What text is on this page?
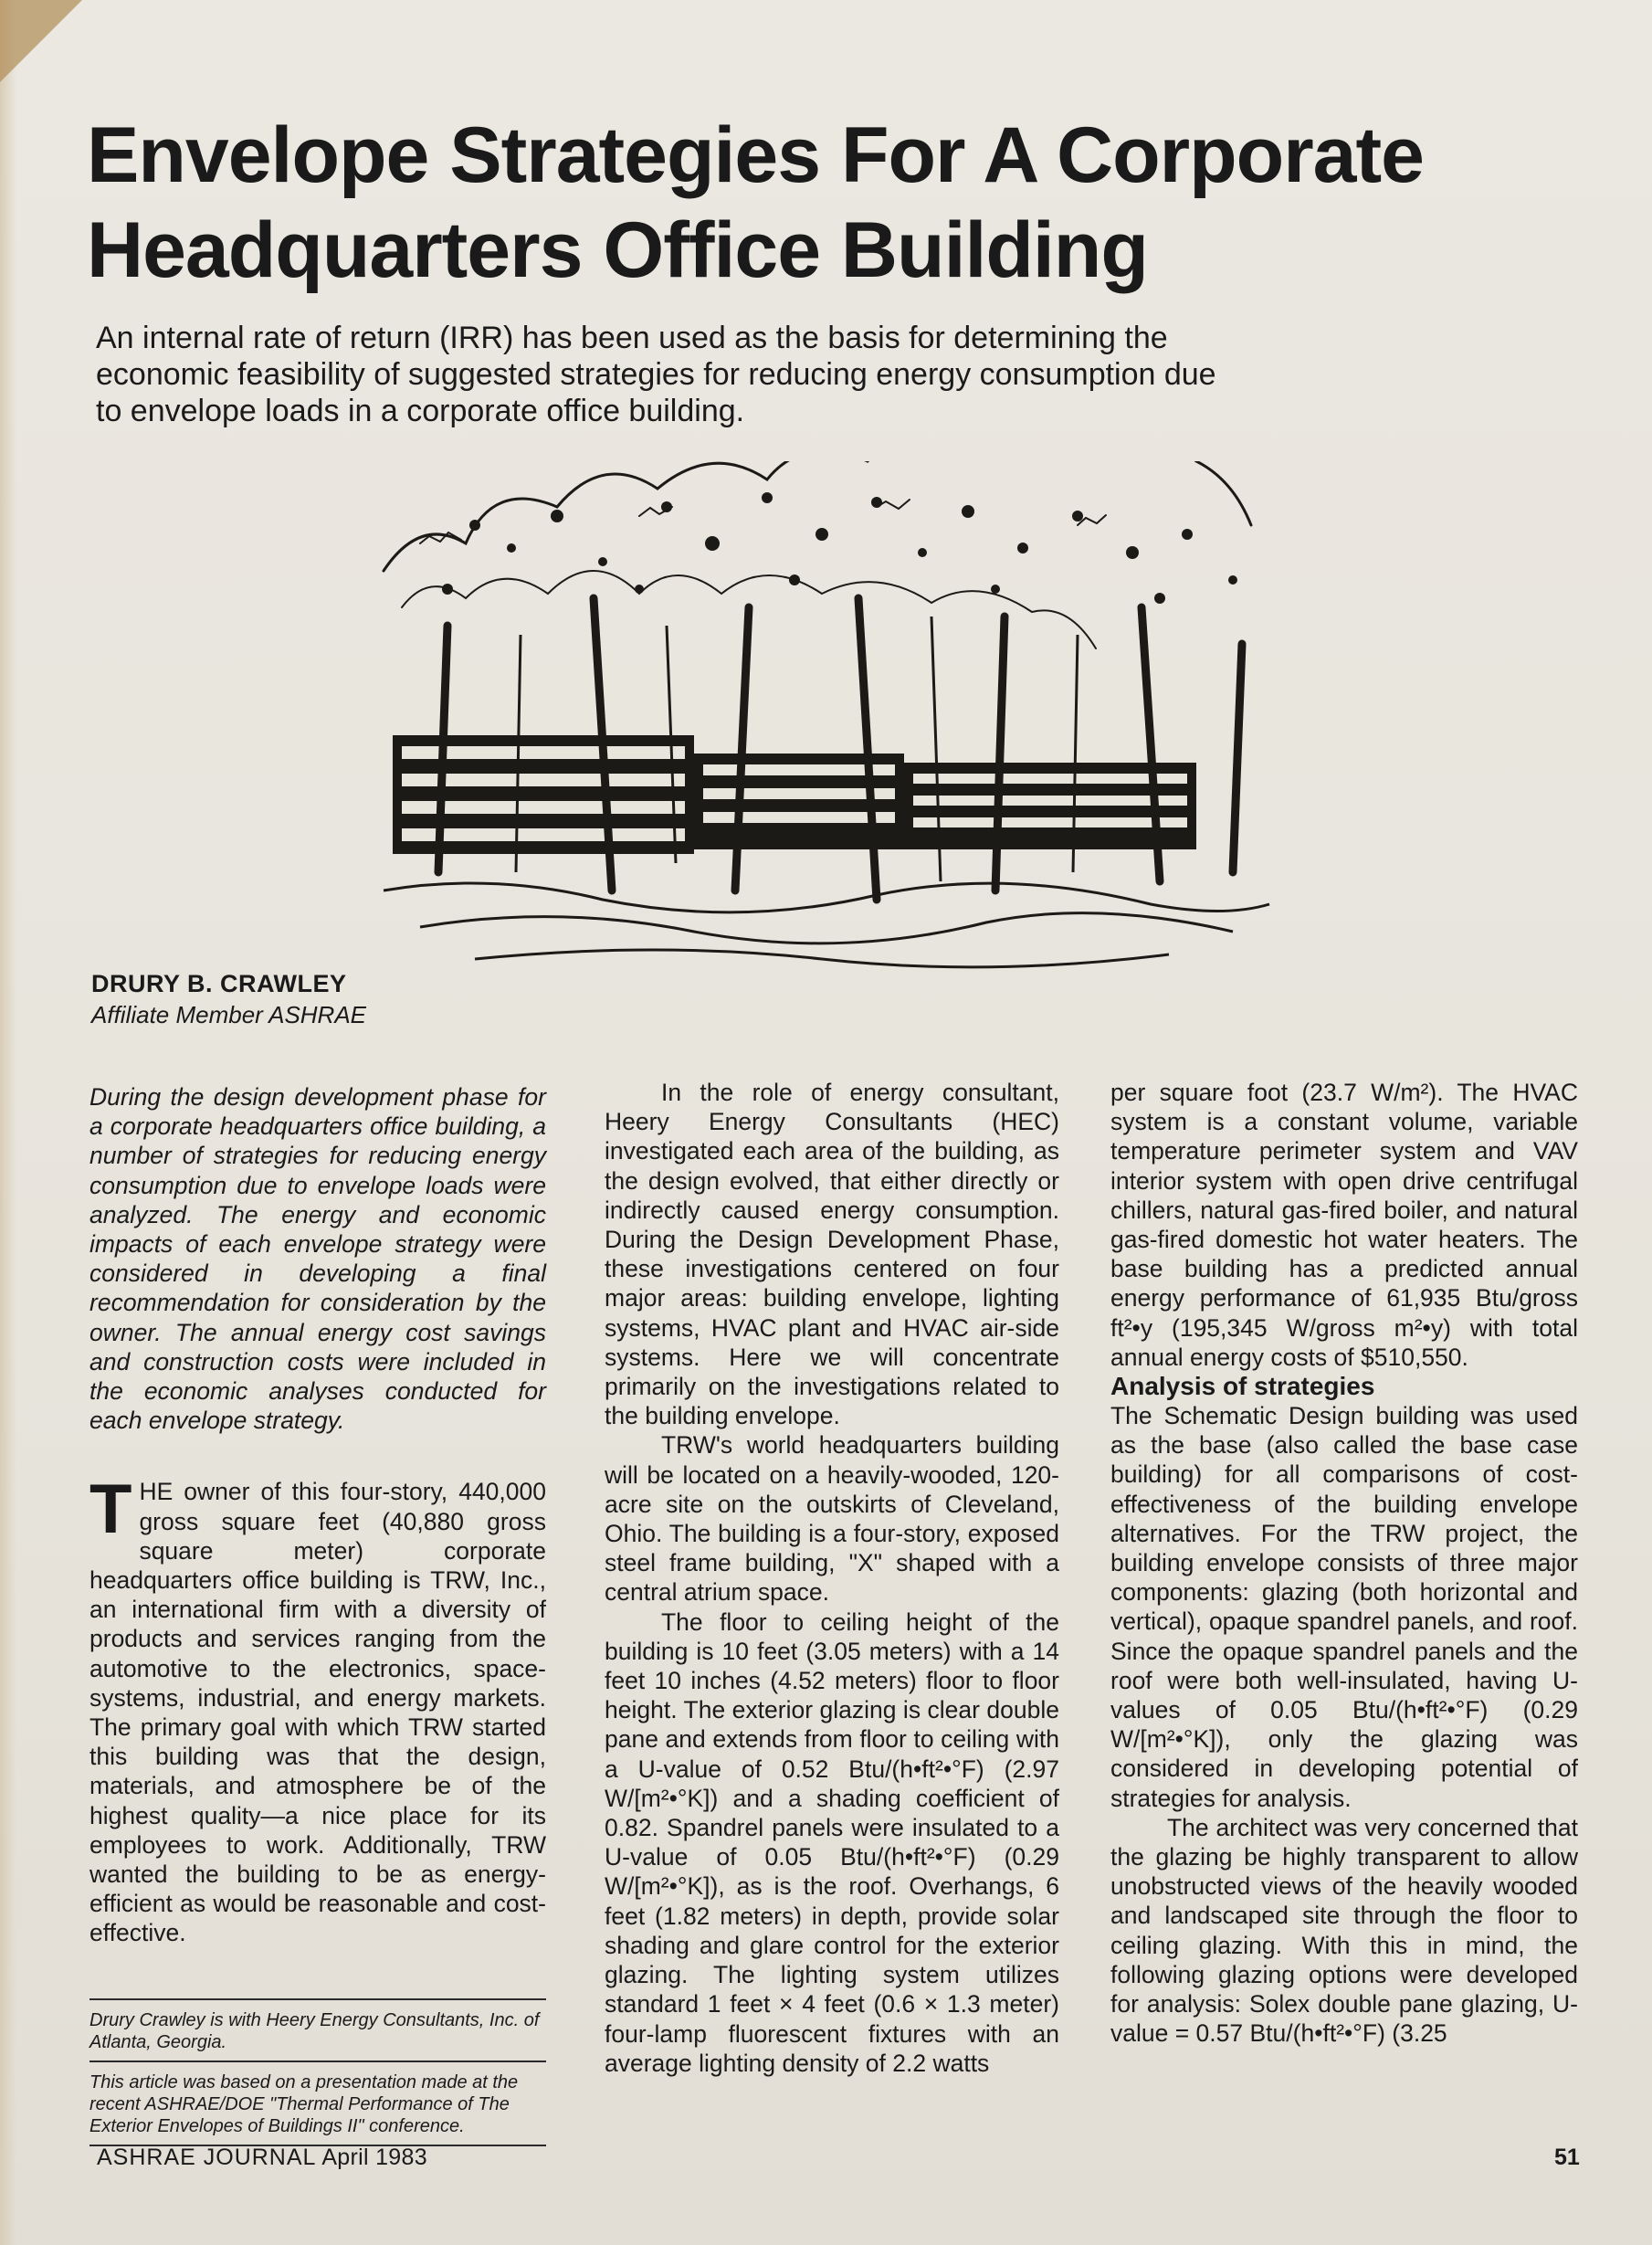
Envelope Strategies For A Corporate
Headquarters Office Building
An internal rate of return (IRR) has been used as the basis for determining the
economic feasibility of suggested strategies for reducing energy consumption due
to envelope loads in a corporate office building.
DRURY B. CRAWLEY
Affiliate Member ASHRAE

During the design development phase for a corporate headquarters office building, a number of strategies for reducing energy consumption due to envelope loads were analyzed. The energy and economic impacts of each envelope strategy were considered in developing a final recommendation for consideration by the owner. The annual energy cost savings and construction costs were included in the economic analyses conducted for each envelope strategy.

THE owner of this four-story, 440,000 gross square feet (40,880 gross square meter) corporate headquarters office building is TRW, Inc., an international firm with a diversity of products and services ranging from the automotive to the electronics, space-systems, industrial, and energy markets. The primary goal with which TRW started this building was that the design, materials, and atmosphere be of the highest quality—a nice place for its employees to work. Additionally, TRW wanted the building to be as energy-efficient as would be reasonable and cost-effective.

Drury Crawley is with Heery Energy Consultants, Inc. of Atlanta, Georgia.

This article was based on a presentation made at the recent ASHRAE/DOE "Thermal Performance of The Exterior Envelopes of Buildings II" conference.

In the role of energy consultant, Heery Energy Consultants (HEC) investigated each area of the building, as the design evolved, that either directly or indirectly caused energy consumption. During the Design Development Phase, these investigations centered on four major areas: building envelope, lighting systems, HVAC plant and HVAC air-side systems. Here we will concentrate primarily on the investigations related to the building envelope.

TRW's world headquarters building will be located on a heavily-wooded, 120-acre site on the outskirts of Cleveland, Ohio. The building is a four-story, exposed steel frame building, "X" shaped with a central atrium space.

The floor to ceiling height of the building is 10 feet (3.05 meters) with a 14 feet 10 inches (4.52 meters) floor to floor height. The exterior glazing is clear double pane and extends from floor to ceiling with a U-value of 0.52 Btu/(h•ft²•°F) (2.97 W/[m²•°K]) and a shading coefficient of 0.82. Spandrel panels were insulated to a U-value of 0.05 Btu/(h•ft²•°F) (0.29 W/[m²•°K]), as is the roof. Overhangs, 6 feet (1.82 meters) in depth, provide solar shading and glare control for the exterior glazing. The lighting system utilizes standard 1 feet × 4 feet (0.6 × 1.3 meter) four-lamp fluorescent fixtures with an average lighting density of 2.2 watts

per square foot (23.7 W/m²). The HVAC system is a constant volume, variable temperature perimeter system and VAV interior system with open drive centrifugal chillers, natural gas-fired boiler, and natural gas-fired domestic hot water heaters. The base building has a predicted annual energy performance of 61,935 Btu/gross ft²•y (195,345 W/gross m²•y) with total annual energy costs of $510,550.

Analysis of strategies

The Schematic Design building was used as the base (also called the base case building) for all comparisons of cost-effectiveness of the building envelope alternatives. For the TRW project, the building envelope consists of three major components: glazing (both horizontal and vertical), opaque spandrel panels, and roof. Since the opaque spandrel panels and the roof were both well-insulated, having U-values of 0.05 Btu/(h•ft²•°F) (0.29 W/[m²•°K]), only the glazing was considered in developing potential of strategies for analysis.

The architect was very concerned that the glazing be highly transparent to allow unobstructed views of the heavily wooded and landscaped site through the floor to ceiling glazing. With this in mind, the following glazing options were developed for analysis: Solex double pane glazing, U-value = 0.57 Btu/(h•ft²•°F) (3.25

ASHRAE JOURNAL April 1983	51
